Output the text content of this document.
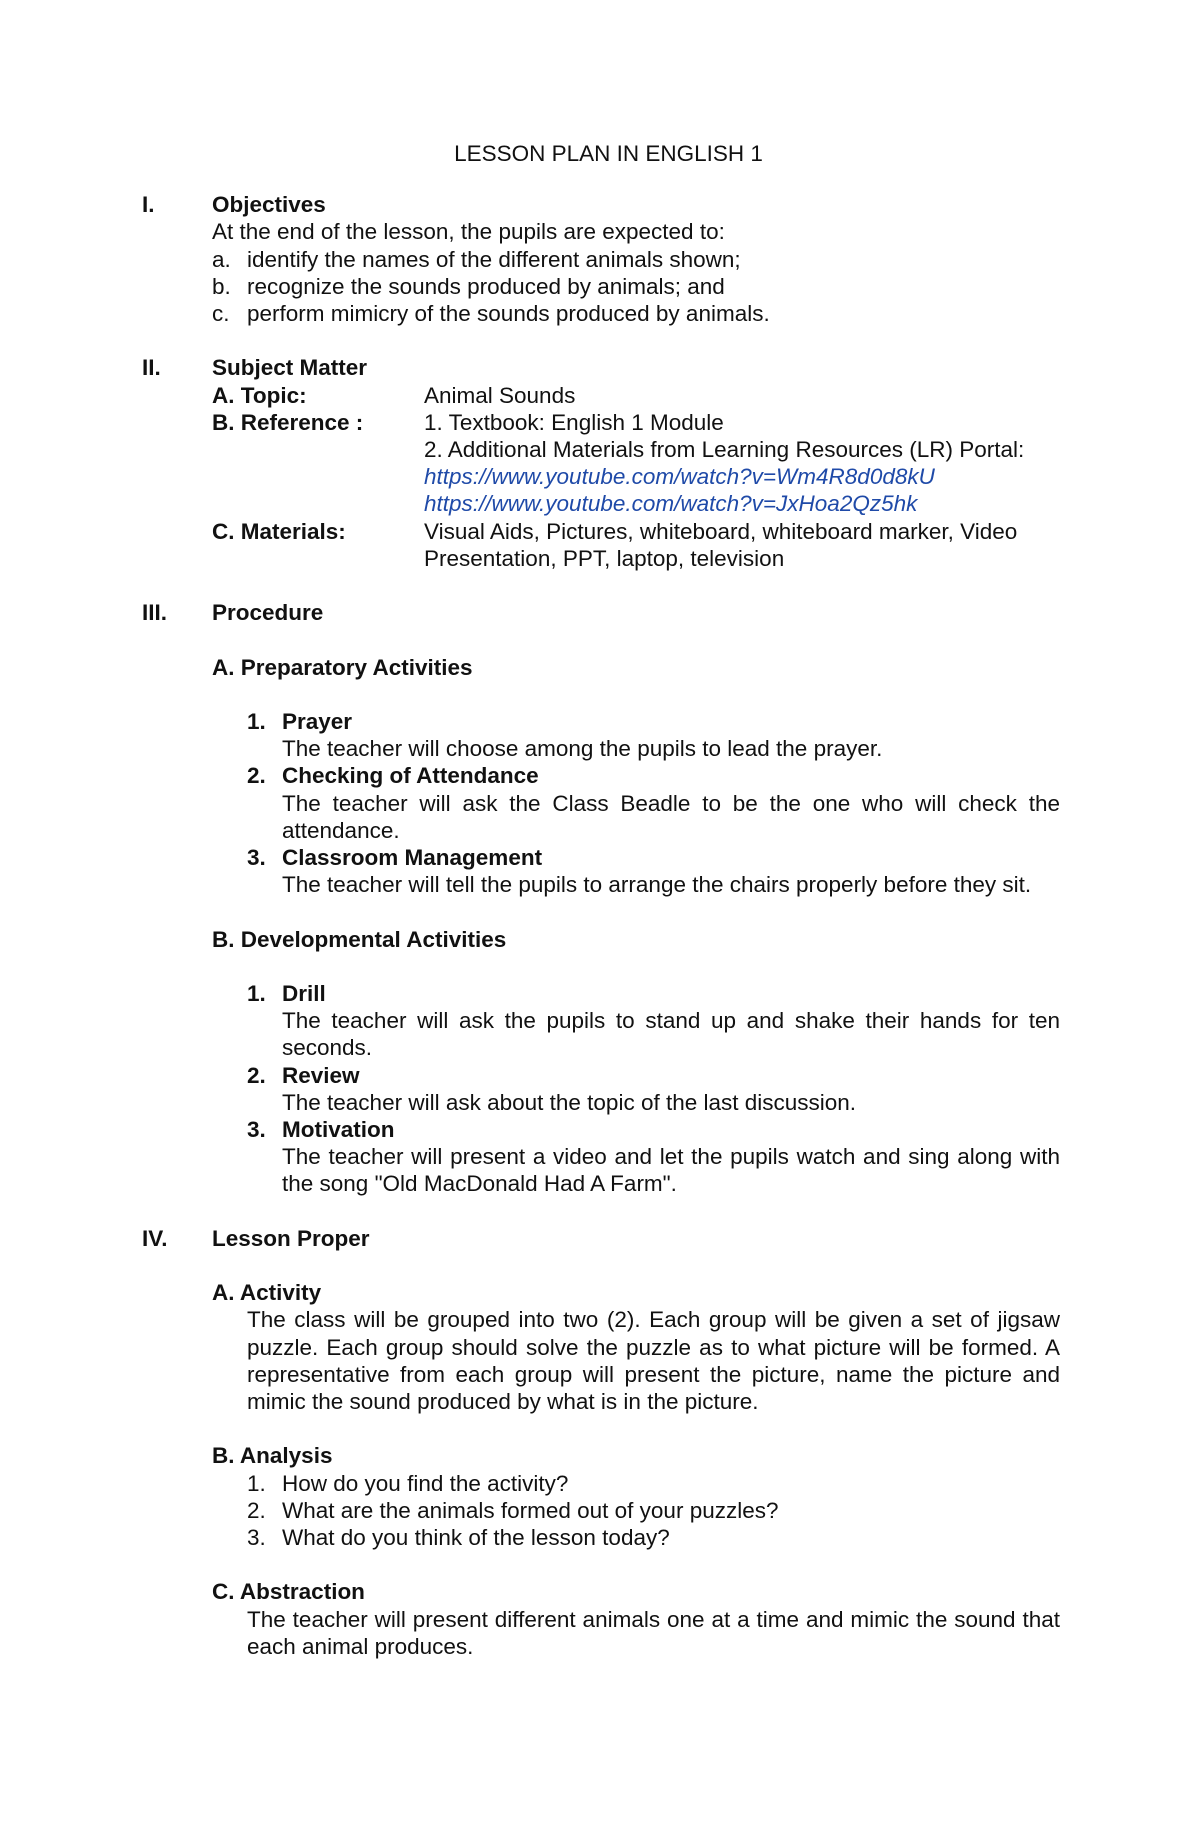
LESSON PLAN IN ENGLISH 1
I.	Objectives
At the end of the lesson, the pupils are expected to:
a. identify the names of the different animals shown;
b. recognize the sounds produced by animals; and
c. perform mimicry of the sounds produced by animals.
II. Subject Matter
A. Topic:	Animal Sounds
B. Reference :	1. Textbook: English 1 Module
2. Additional Materials from Learning Resources (LR) Portal:
https://www.youtube.com/watch?v=Wm4R8d0d8kU
https://www.youtube.com/watch?v=JxHoa2Qz5hk
C. Materials:	Visual Aids, Pictures, whiteboard, whiteboard marker, Video Presentation, PPT, laptop, television
III. Procedure
A. Preparatory Activities
1. Prayer
The teacher will choose among the pupils to lead the prayer.
2. Checking of Attendance
The teacher will ask the Class Beadle to be the one who will check the attendance.
3. Classroom Management
The teacher will tell the pupils to arrange the chairs properly before they sit.
B. Developmental Activities
1. Drill
The teacher will ask the pupils to stand up and shake their hands for ten seconds.
2. Review
The teacher will ask about the topic of the last discussion.
3. Motivation
The teacher will present a video and let the pupils watch and sing along with the song "Old MacDonald Had A Farm".
IV. Lesson Proper
A. Activity
The class will be grouped into two (2). Each group will be given a set of jigsaw puzzle. Each group should solve the puzzle as to what picture will be formed. A representative from each group will present the picture, name the picture and mimic the sound produced by what is in the picture.
B. Analysis
1. How do you find the activity?
2. What are the animals formed out of your puzzles?
3. What do you think of the lesson today?
C. Abstraction
The teacher will present different animals one at a time and mimic the sound that each animal produces.
